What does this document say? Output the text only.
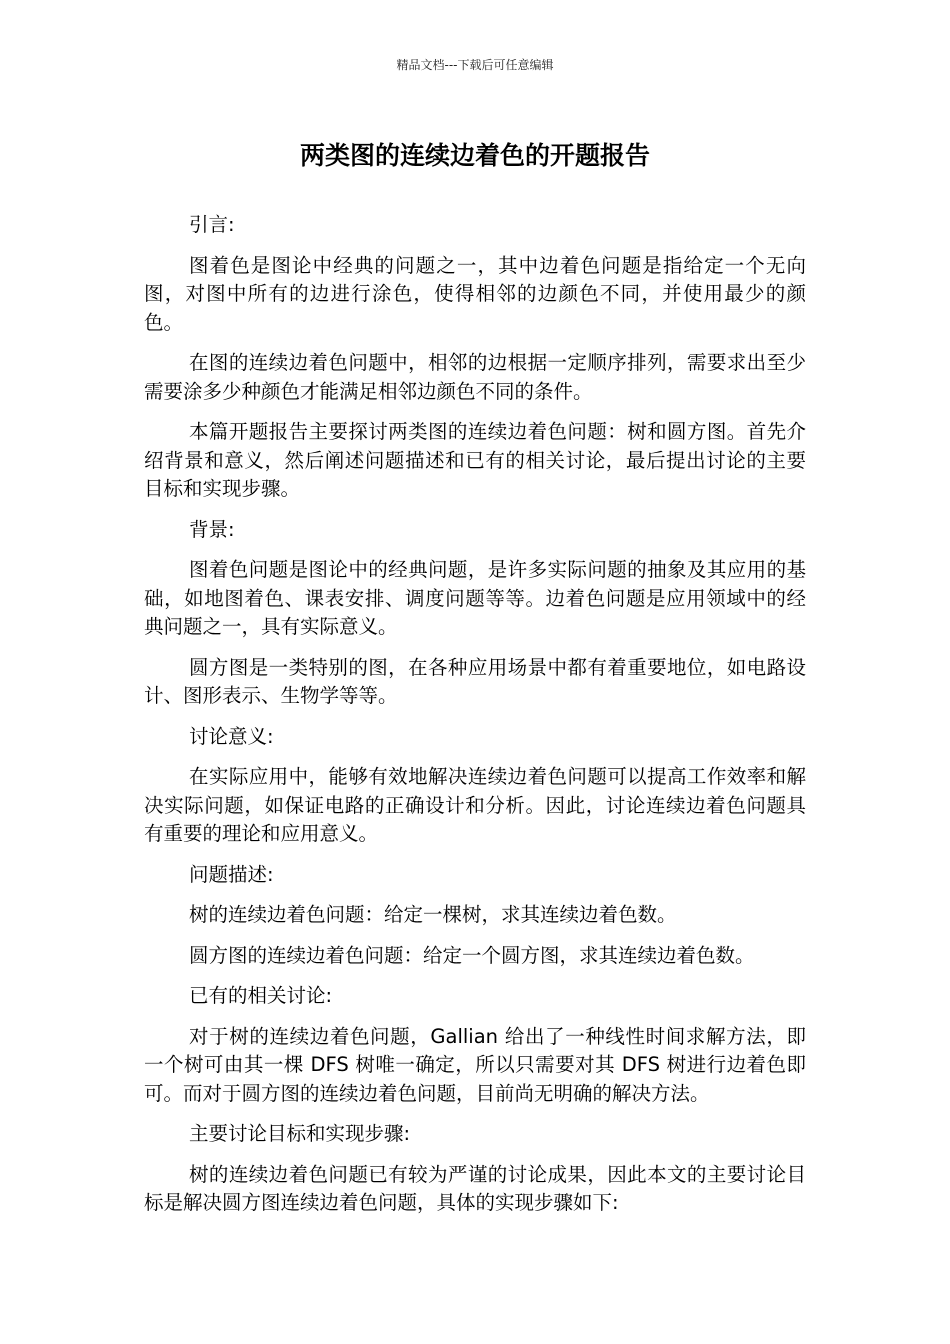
精品文档---下载后可任意编辑
两类图的连续边着色的开题报告

引言:

图着色是图论中经典的问题之一，其中边着色问题是指给定一个无向图，对图中所有的边进行涂色，使得相邻的边颜色不同，并使用最少的颜色。

在图的连续边着色问题中，相邻的边根据一定顺序排列，需要求出至少需要涂多少种颜色才能满足相邻边颜色不同的条件。

本篇开题报告主要探讨两类图的连续边着色问题：树和圆方图。首先介绍背景和意义，然后阐述问题描述和已有的相关讨论，最后提出讨论的主要目标和实现步骤。

背景:

图着色问题是图论中的经典问题，是许多实际问题的抽象及其应用的基础，如地图着色、课表安排、调度问题等等。边着色问题是应用领域中的经典问题之一，具有实际意义。

圆方图是一类特别的图，在各种应用场景中都有着重要地位，如电路设计、图形表示、生物学等等。

讨论意义:

在实际应用中，能够有效地解决连续边着色问题可以提高工作效率和解决实际问题，如保证电路的正确设计和分析。因此，讨论连续边着色问题具有重要的理论和应用意义。

问题描述:

树的连续边着色问题：给定一棵树，求其连续边着色数。

圆方图的连续边着色问题：给定一个圆方图，求其连续边着色数。

已有的相关讨论:

对于树的连续边着色问题，Gallian 给出了一种线性时间求解方法，即一个树可由其一棵 DFS 树唯一确定，所以只需要对其 DFS 树进行边着色即可。而对于圆方图的连续边着色问题，目前尚无明确的解决方法。

主要讨论目标和实现步骤:

树的连续边着色问题已有较为严谨的讨论成果，因此本文的主要讨论目标是解决圆方图连续边着色问题，具体的实现步骤如下:
